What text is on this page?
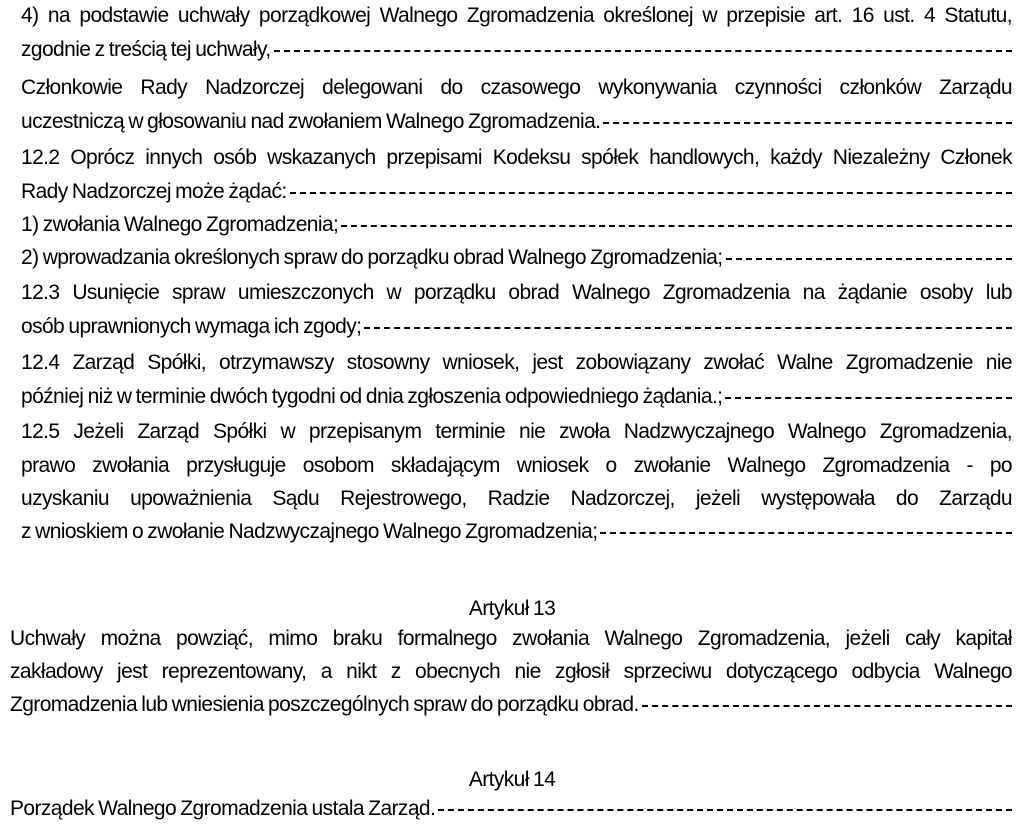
4) na podstawie uchwały porządkowej Walnego Zgromadzenia określonej w przepisie art. 16 ust. 4 Statutu,
zgodnie z treścią tej uchwały,
Członkowie Rady Nadzorczej delegowani do czasowego wykonywania czynności członków Zarządu
uczestniczą w głosowaniu nad zwołaniem Walnego Zgromadzenia.
12.2 Oprócz innych osób wskazanych przepisami Kodeksu spółek handlowych, każdy Niezależny Członek
Rady Nadzorczej może żądać:
1) zwołania Walnego Zgromadzenia;
2) wprowadzania określonych spraw do porządku obrad Walnego Zgromadzenia;
12.3 Usunięcie spraw umieszczonych w porządku obrad Walnego Zgromadzenia na żądanie osoby lub
osób uprawnionych wymaga ich zgody;
12.4 Zarząd Spółki, otrzymawszy stosowny wniosek, jest zobowiązany zwołać Walne Zgromadzenie nie
później niż w terminie dwóch tygodni od dnia zgłoszenia odpowiedniego żądania.;
12.5 Jeżeli Zarząd Spółki w przepisanym terminie nie zwoła Nadzwyczajnego Walnego Zgromadzenia,
prawo zwołania przysługuje osobom składającym wniosek o zwołanie Walnego Zgromadzenia - po
uzyskaniu upoważnienia Sądu Rejestrowego, Radzie Nadzorczej, jeżeli występowała do Zarządu
z wnioskiem o zwołanie Nadzwyczajnego Walnego Zgromadzenia;
Artykuł 13
Uchwały można powziąć, mimo braku formalnego zwołania Walnego Zgromadzenia, jeżeli cały kapitał
zakładowy jest reprezentowany, a nikt z obecnych nie zgłosił sprzeciwu dotyczącego odbycia Walnego
Zgromadzenia lub wniesienia poszczególnych spraw do porządku obrad.
Artykuł 14
Porządek Walnego Zgromadzenia ustala Zarząd.
